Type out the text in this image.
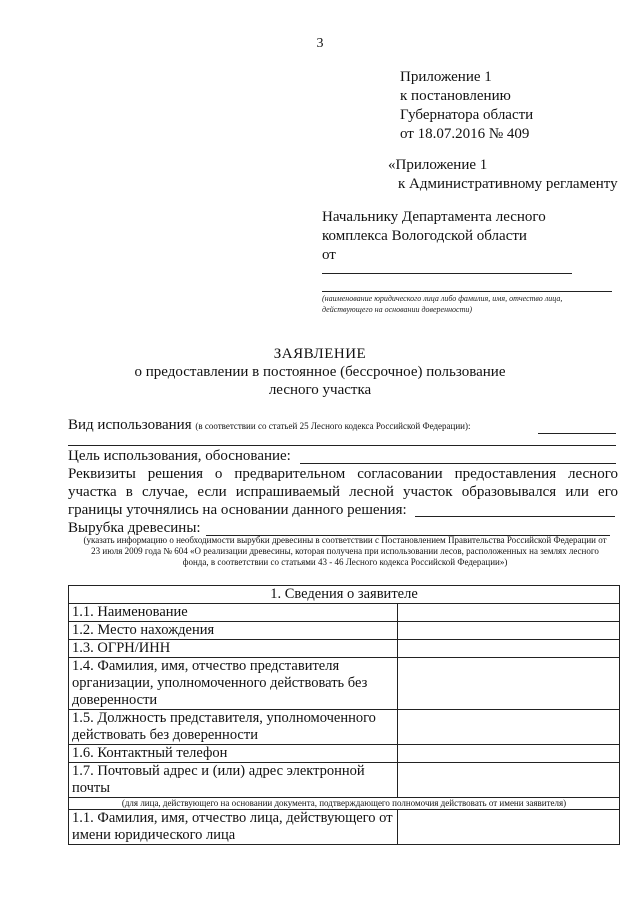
3
Приложение 1
к постановлению
Губернатора области
от 18.07.2016 № 409
«Приложение 1
к Административному регламенту
Начальнику Департамента лесного
комплекса Вологодской области
от
(наименование юридического лица либо фамилия, имя, отчество лица, действующего на основании доверенности)
ЗАЯВЛЕНИЕ
о предоставлении в постоянное (бессрочное) пользование
лесного участка
Вид использования (в соответствии со статьей 25 Лесного кодекса Российской Федерации):
Цель использования, обоснование:
Реквизиты решения о предварительном согласовании предоставления лесного
участка в случае, если испрашиваемый лесной участок образовывался или его
границы уточнялись на основании данного решения:
Вырубка древесины:
(указать информацию о необходимости вырубки древесины в соответствии с Постановлением Правительства Российской Федерации от 23 июля 2009 года № 604 «О реализации древесины, которая получена при использовании лесов, расположенных на землях лесного фонда, в соответствии со статьями 43 - 46 Лесного кодекса Российской Федерации»)
1. Сведения о заявителе	
1.1. Наименование	
1.2. Место нахождения	
1.3. ОГРН/ИНН	
1.4. Фамилия, имя, отчество представителя организации, уполномоченного действовать без доверенности	
1.5. Должность представителя, уполномоченного действовать без доверенности	
1.6. Контактный телефон	
1.7. Почтовый адрес и (или) адрес электронной почты	
(для лица, действующего на основании документа, подтверждающего полномочия действовать от имени заявителя)	
1.1. Фамилия, имя, отчество лица, действующего от имени юридического лица	
